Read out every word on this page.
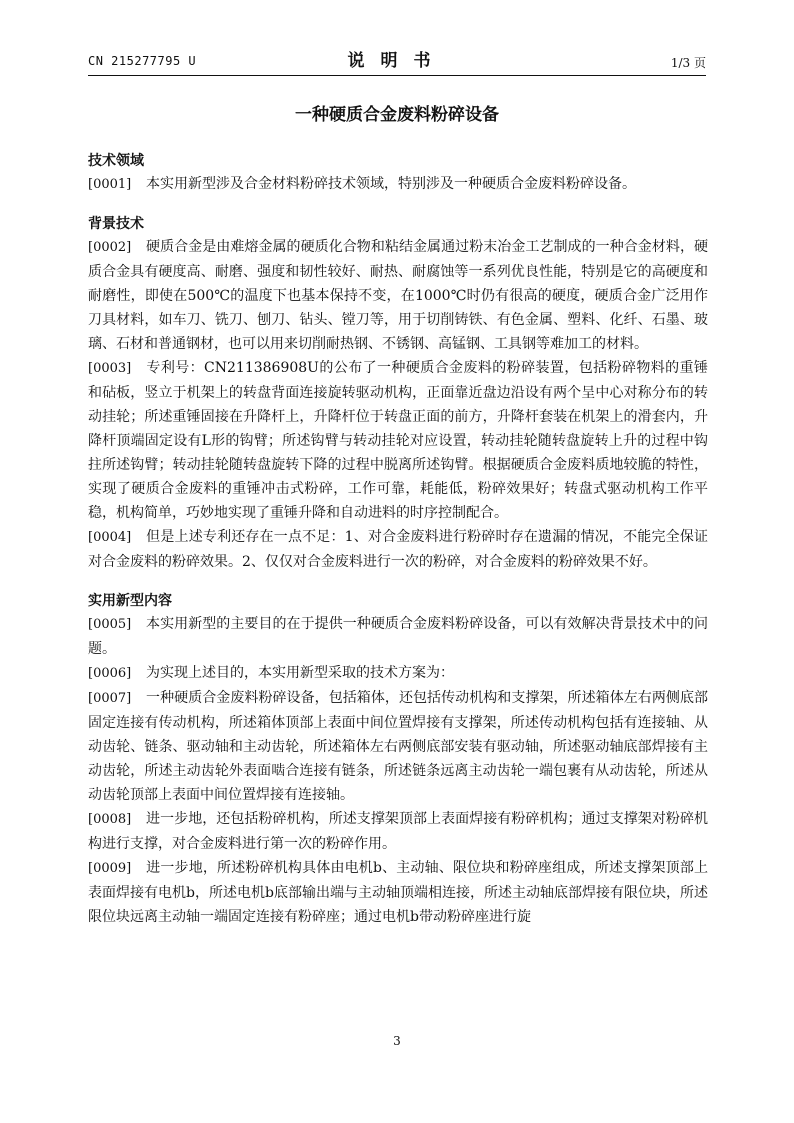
CN 215277795 U	说明书	1/3 页
一种硬质合金废料粉碎设备

技术领域

[0001] 本实用新型涉及合金材料粉碎技术领域，特别涉及一种硬质合金废料粉碎设备。

背景技术

[0002] 硬质合金是由难熔金属的硬质化合物和粘结金属通过粉末冶金工艺制成的一种合金材料，硬质合金具有硬度高、耐磨、强度和韧性较好、耐热、耐腐蚀等一系列优良性能，特别是它的高硬度和耐磨性，即使在500℃的温度下也基本保持不变，在1000℃时仍有很高的硬度，硬质合金广泛用作刀具材料，如车刀、铣刀、刨刀、钻头、镗刀等，用于切削铸铁、有色金属、塑料、化纤、石墨、玻璃、石材和普通钢材，也可以用来切削耐热钢、不锈钢、高锰钢、工具钢等难加工的材料。

[0003] 专利号：CN211386908U的公布了一种硬质合金废料的粉碎装置，包括粉碎物料的重锤和砧板，竖立于机架上的转盘背面连接旋转驱动机构，正面靠近盘边沿设有两个呈中心对称分布的转动挂轮；所述重锤固接在升降杆上，升降杆位于转盘正面的前方，升降杆套装在机架上的滑套内，升降杆顶端固定设有L形的钩臂；所述钩臂与转动挂轮对应设置，转动挂轮随转盘旋转上升的过程中钩拄所述钩臂；转动挂轮随转盘旋转下降的过程中脱离所述钩臂。根据硬质合金废料质地较脆的特性，实现了硬质合金废料的重锤冲击式粉碎，工作可靠，耗能低，粉碎效果好；转盘式驱动机构工作平稳，机构简单，巧妙地实现了重锤升降和自动进料的时序控制配合。

[0004] 但是上述专利还存在一点不足：1、对合金废料进行粉碎时存在遗漏的情况，不能完全保证对合金废料的粉碎效果。2、仅仅对合金废料进行一次的粉碎，对合金废料的粉碎效果不好。

实用新型内容

[0005] 本实用新型的主要目的在于提供一种硬质合金废料粉碎设备，可以有效解决背景技术中的问题。

[0006] 为实现上述目的，本实用新型采取的技术方案为：

[0007] 一种硬质合金废料粉碎设备，包括箱体，还包括传动机构和支撑架，所述箱体左右两侧底部固定连接有传动机构，所述箱体顶部上表面中间位置焊接有支撑架，所述传动机构包括有连接轴、从动齿轮、链条、驱动轴和主动齿轮，所述箱体左右两侧底部安装有驱动轴，所述驱动轴底部焊接有主动齿轮，所述主动齿轮外表面啮合连接有链条，所述链条远离主动齿轮一端包裹有从动齿轮，所述从动齿轮顶部上表面中间位置焊接有连接轴。

[0008] 进一步地，还包括粉碎机构，所述支撑架顶部上表面焊接有粉碎机构；通过支撑架对粉碎机构进行支撑，对合金废料进行第一次的粉碎作用。

[0009] 进一步地，所述粉碎机构具体由电机b、主动轴、限位块和粉碎座组成，所述支撑架顶部上表面焊接有电机b，所述电机b底部输出端与主动轴顶端相连接，所述主动轴底部焊接有限位块，所述限位块远离主动轴一端固定连接有粉碎座；通过电机b带动粉碎座进行旋

3
